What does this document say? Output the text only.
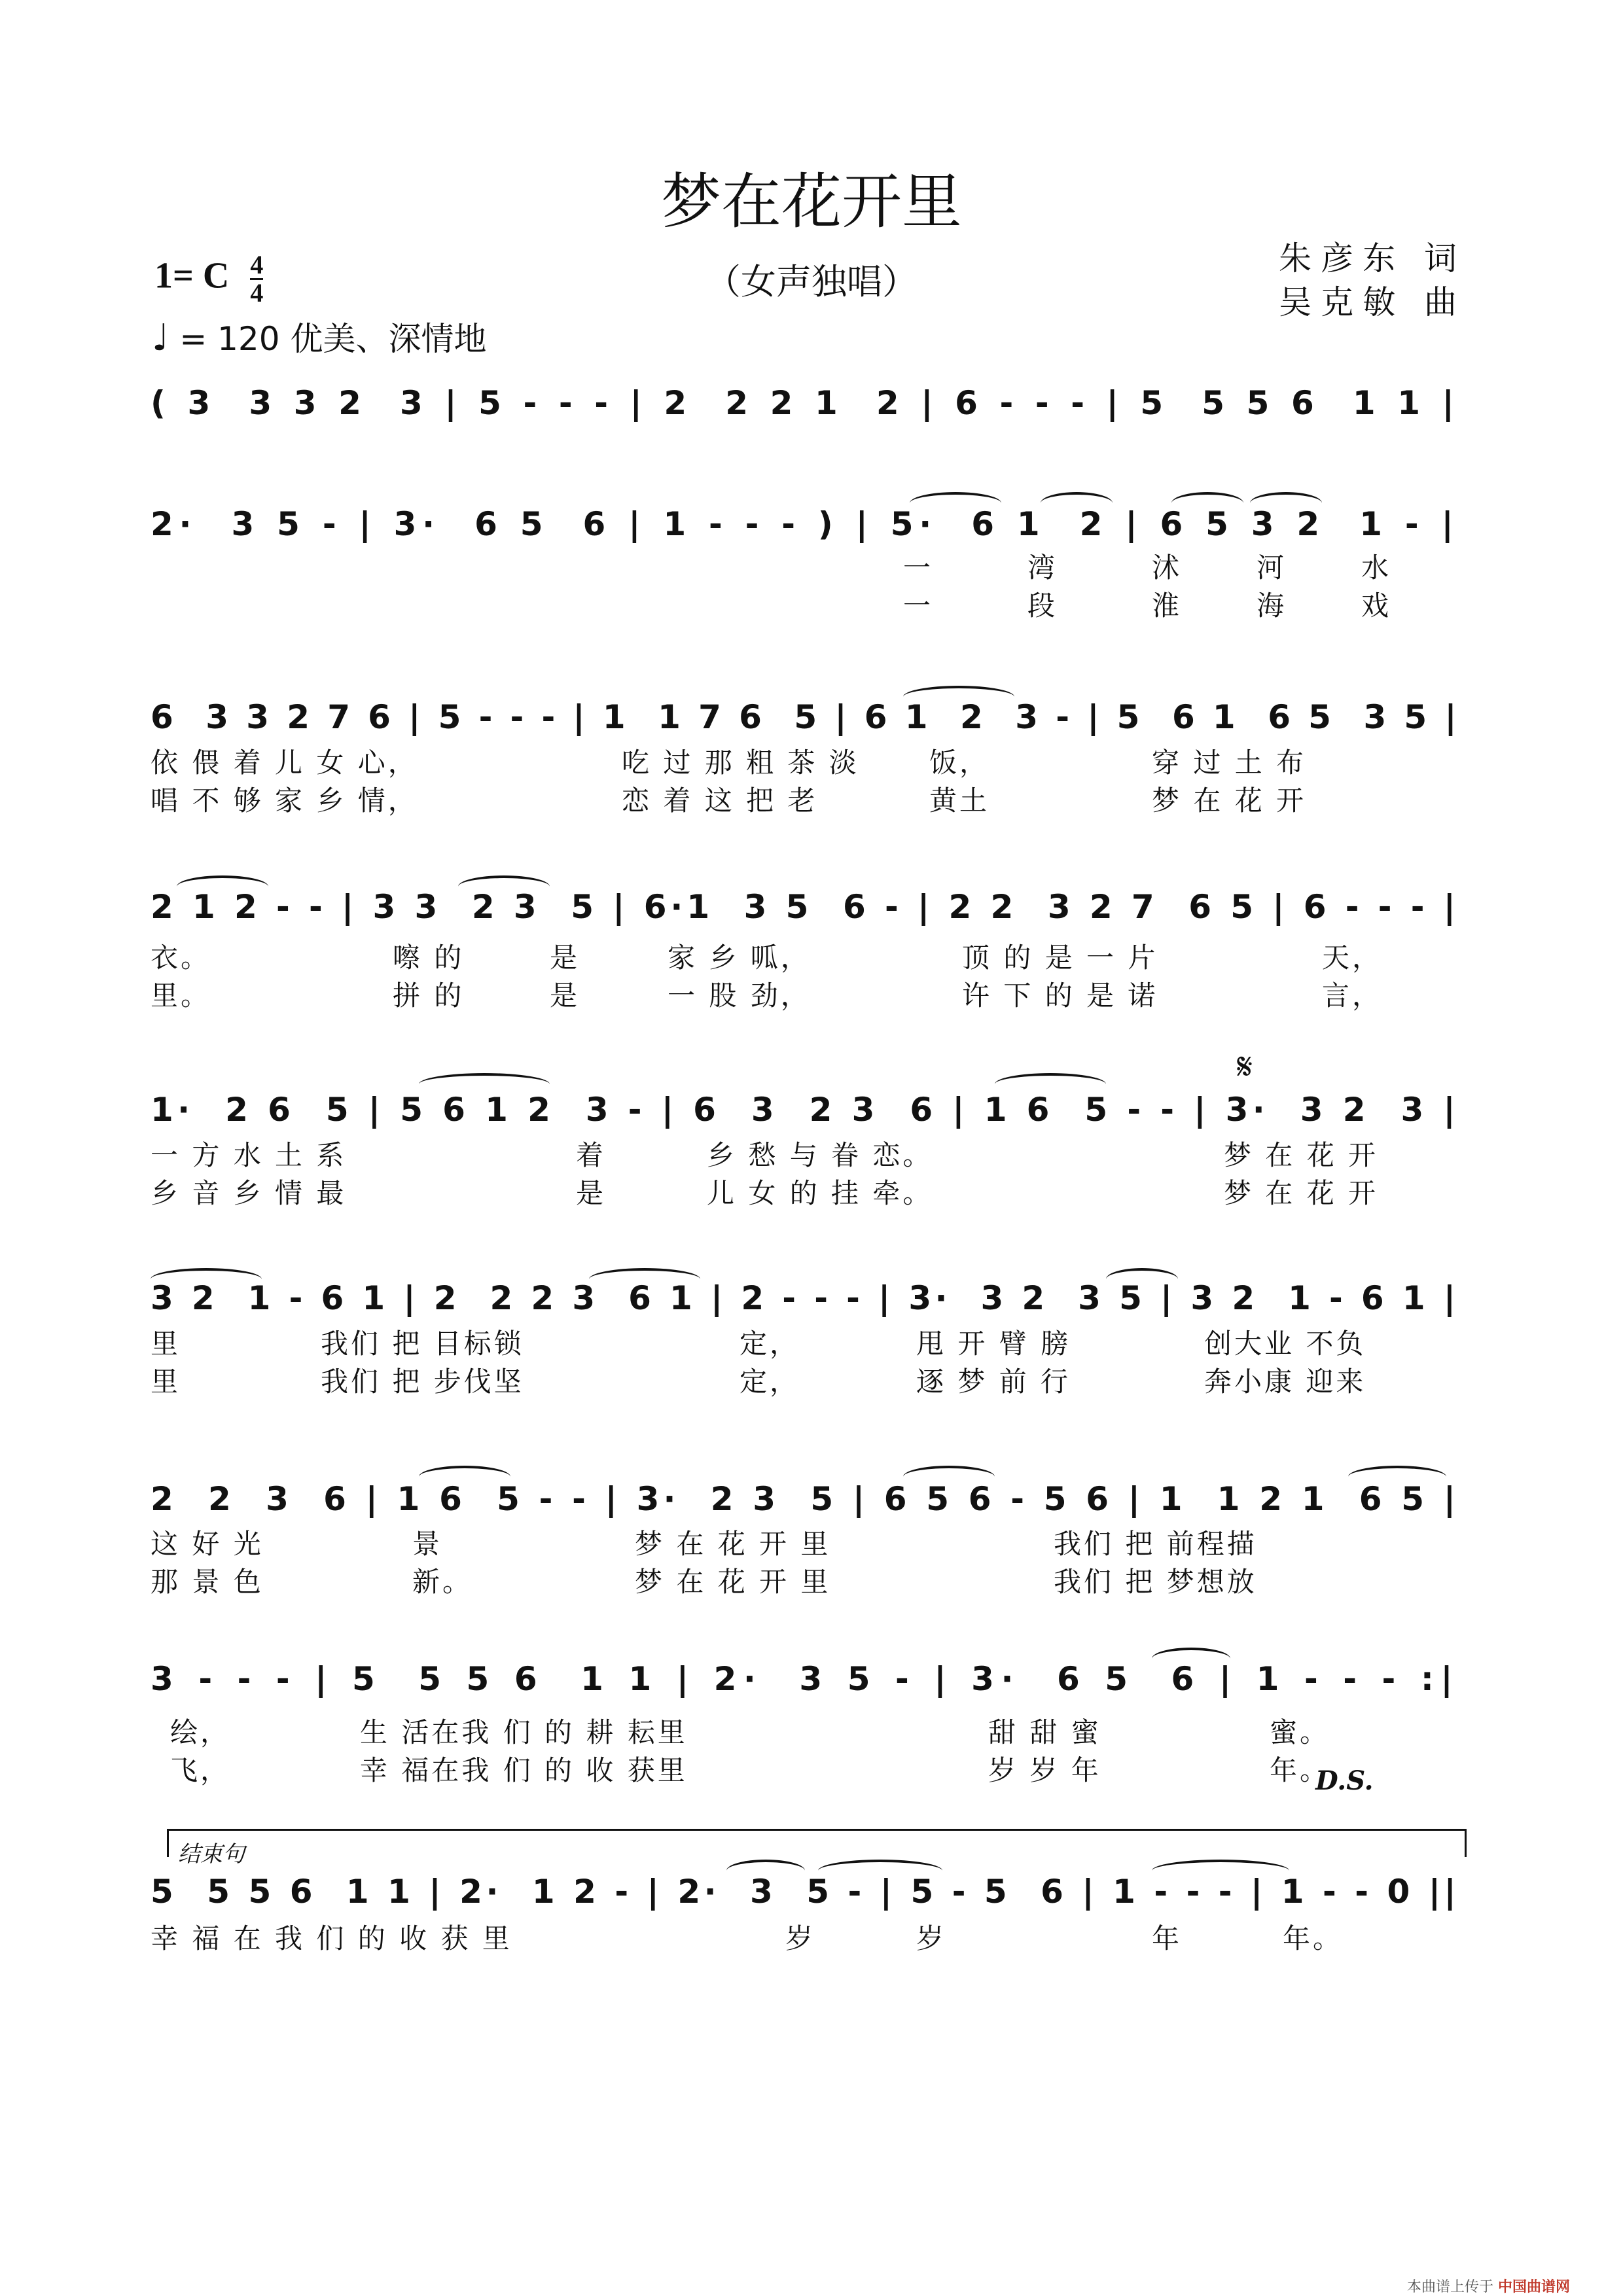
梦在花开里
（女声独唱）
1= C $\frac{4}{4}$
♩ = 120 优美、深情地
朱彦东 词
吴克敏 曲
( 3  3 3 2  3 | 5 - - - | 2  2 2 1  2 | 6 - - - | 5  5 5 6  1 1 |
2·  3 5 - | 3·  6 5  6 | 1 - - - ) | 5·  6 1  2 | 6 5 3 2  1 - |
6  3 3 2 7 6 | 5 - - - | 1  1 7 6  5 | 6 1  2  3 - | 5  6 1  6 5  3 5 |
2 1 2 - - | 3 3  2 3  5 | 6·1  3 5  6 - | 2 2  3 2 7  6 5 | 6 - - - |
1·  2 6  5 | 5 6 1 2  3 - | 6  3  2 3  6 | 1 6  5 - - | 3·  3 2  3 |
3 2  1 - 6 1 | 2  2 2 3  6 1 | 2 - - - | 3·  3 2  3 5 | 3 2  1 - 6 1 |
2  2  3  6 | 1 6  5 - - | 3·  2 3  5 | 6 5 6 - 5 6 | 1  1 2 1  6 5 |
3 - - - | 5  5 5 6  1 1 | 2·  3 5 - | 3·  6 5  6 | 1 - - - :|
5  5 5 6  1 1 | 2·  1 2 - | 2·  3  5 - | 5 - 5  6 | 1 - - - | 1 - - 0 ||
一	湾	沭	河	水
一	段	淮	海	戏
依 偎 着 儿 女 心，	吃 过 那 粗 茶 淡	饭，	穿 过 土 布
唱 不 够 家 乡 情，	恋 着 这 把 老	黄土	梦 在 花 开
衣。	嚓 的	是	家 乡 呱，	顶 的 是 一 片	天，
里。	拼 的	是	一 股 劲，	许 下 的 是 诺	言，
一 方 水 土 系	着	乡 愁 与 眷 恋。	梦 在 花 开
乡 音 乡 情 最	是	儿 女 的 挂 牵。	梦 在 花 开
里	我们 把 目标锁	定，	甩 开 臂 膀	创大业 不负
里	我们 把 步伐坚	定，	逐 梦 前 行	奔小康 迎来
这 好 光	景	梦 在 花 开 里	我们 把 前程描
那 景 色	新。	梦 在 花 开 里	我们 把 梦想放
绘，	生 活在我 们 的 耕 耘里	甜 甜 蜜	蜜。
飞，	幸 福在我 们 的 收 获里	岁 岁 年	年。
幸 福 在 我 们 的 收 获 里	岁	岁	年	年。
𝄋
结束句
D.S.
本曲谱上传于 中国曲谱网
